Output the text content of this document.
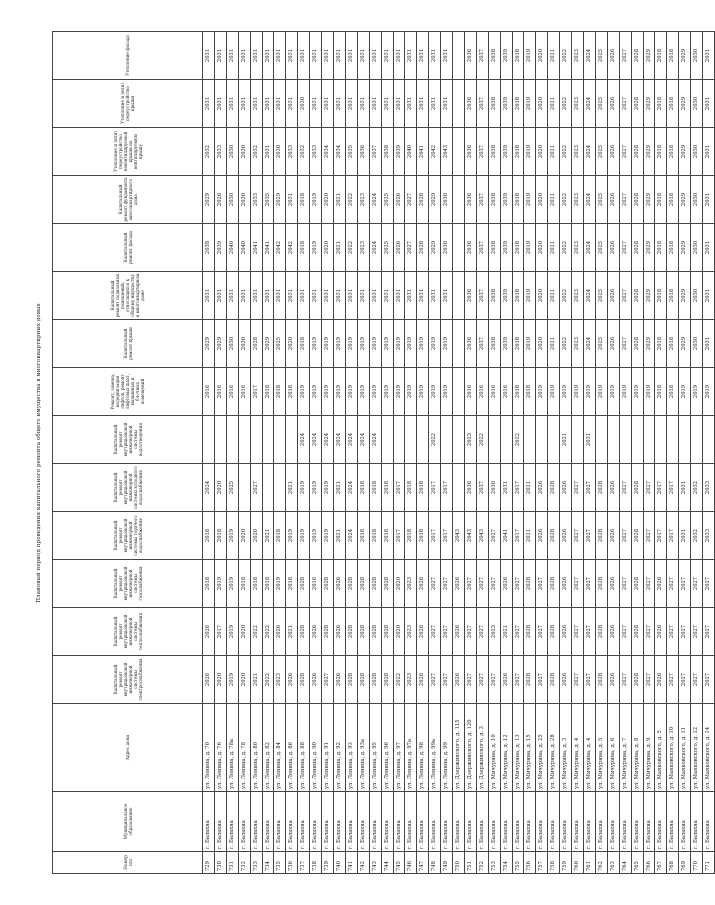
Плановый период проведения капитального ремонта общего имущества в многоквартирных домах
Номер п/п	Муниципальное образование	Адрес дома	Капитальный ремонт внутридомовой инженерной системы электроснабжения	Капитальный ремонт внутридомовой инженерной системы теплоснабжения	Капитальный ремонт внутридомовой инженерной системы газоснабжения	Капитальный ремонт внутридомовой инженерной системы горячего водоснабжения	Капитальный ремонт внутридомовой инженерной системы холодного водоснабжения	Капитальный ремонт внутридомовой инженерной системы водоотведения	Ремонт, замена, модернизация лифтов, ремонт лифтовых шахт, машинных и блочных помещений	Капитальный ремонт крыши	Капитальный ремонт подвальных помещений, относящихся к общему имуществу в многоквартирном доме	Капитальный ремонт фасада	Капитальный ремонт фундамента многоквартирного дома	Утепление и (или) переустройство невентилируемой крыши на вентилируемую крышу	Утепление и (или) переустройство крыши	Утепление фасада
729	г. Балахна	ул. Ленина, д. 70	2026	2026	2018	2018	2024		2016	2029	2031	2038	2029	2032	2031	2031
730	г. Балахна	ул. Ленина, д. 76	2020	2017	2019	2018	2020		2016	2029	2031	2039	2026	2033	2031	2031
731	г. Балахна	ул. Ленина, д. 78а	2019	2019	2019	2019	2025		2016	2030	2031	2040	2030	2030	2031	2031
732	г. Балахна	ул. Ленина, д. 78	2020	2020	2018	2020			2016	2030	2031	2040	2030	2030	2031	2031
733	г. Балахна	ул. Ленина, д. 80	2021	2022	2018	2020	2027		2017	2028	2031	2041	2033	2032	2031	2031
734	г. Балахна	ул. Ленина, д. 82	2022	2022	2018	2021			2018	2029	2031	2041	2035	2031	2031	2031
735	г. Балахна	ул. Ленина, д. 84	2023	2026	2019	2018			2018	2025	2031	2042	2029	2030	2031	2031
736	г. Балахна	ул. Ленина, д. 86	2026	2021	2018	2019	2021		2018	2020	2031	2042	2031	2033	2031	2031
737	г. Балахна	ул. Ленина, д. 88	2028	2028	2028	2019	2019	2024	2019	2018	2031	2018	2018	2032	2030	2031
738	г. Балахна	ул. Ленина, д. 90	2026	2026	2016	2019	2019	2024	2019	2019	2031	2019	2019	2033	2031	2031
739	г. Балахна	ул. Ленина, д. 91	2027	2028	2028	2019	2019	2024	2019	2019	2031	2020	2020	2034	2031	2031
740	г. Балахна	ул. Ленина, д. 92	2026	2026	2026	2021	2021	2024	2019	2019	2031	2021	2021	2034	2031	2031
741	г. Балахна	ул. Ленина, д. 93	2028	2028	2028	2024	2024	2024	2019	2019	2031	2022	2022	2035	2031	2031
742	г. Балахна	ул. Ленина, д. 93а	2028	2028	2028	2018	2018	2024	2019	2019	2031	2023	2023	2036	2031	2031
743	г. Балахна	ул. Ленина, д. 95	2028	2028	2028	2018	2018	2024	2019	2019	2031	2024	2024	2037	2031	2031
744	г. Балахна	ул. Ленина, д. 96	2028	2028	2028	2018	2018		2019	2019	2031	2025	2025	2038	2031	2031
745	г. Балахна	ул. Ленина, д. 97	2022	2020	2020	2017	2017		2019	2019	2031	2026	2026	2039	2031	2031
746	г. Балахна	ул. Ленина, д. 97а	2023	2023	2023	2018	2018		2019	2019	2031	2027	2027	2040	2031	2031
747	г. Балахна	ул. Ленина, д. 98	2026	2026	2026	2018	2018		2019	2019	2031	2028	2028	2041	2031	2031
748	г. Балахна	ул. Ленина, д. 99а	2027	2027	2027	2017	2017	2022	2019	2019	2031	2029	2029	2042	2031	2031
749	г. Балахна	ул. Ленина, д. 99	2027	2027	2027	2017	2017		2019	2019	2031	2030	2030	2043	2031	2031
750	г. Балахна	ул. Дзержинского, д. 115	2026	2026	2026	2043										
751	г. Балахна	ул. Дзержинского, д. 120	2027	2027	2027	2043	2036	2023	2016	2036	2036	2036	2036	2036	2036	2036
752	г. Балахна	ул. Дзержинского, д. 3	2027	2027	2027	2043	2037	2022	2016	2037	2037	2037	2037	2037	2037	2037
753	г. Балахна	ул. Мичурина, д. 10	2027	2023	2027	2027	2030		2016	2038	2038	2038	2038	2038	2038	2038
754	г. Балахна	ул. Мичурина, д. 12	2026	2021	2026	2041	2031		2016	2039	2039	2039	2039	2039	2039	2039
755	г. Балахна	ул. Мичурина, д. 13	2027	2027	2027	2017	2017	2022	2018	2018	2018	2018	2018	2018	2018	2018
756	г. Балахна	ул. Мичурина, д. 15	2028	2028	2028	2021	2021		2018	2019	2019	2019	2019	2019	2019	2019
757	г. Балахна	ул. Мичурина, д. 25	2027	2027	2027	2026	2026		2019	2020	2020	2020	2020	2020	2020	2020
758	г. Балахна	ул. Мичурина, д. 28	2028	2028	2028	2028	2028		2019	2021	2021	2021	2021	2021	2021	2021
759	г. Балахна	ул. Мичурина, д. 3	2026	2026	2026	2026	2026	2021	2019	2022	2022	2022	2022	2022	2022	2022
760	г. Балахна	ул. Мичурина, д. 4	2027	2027	2027	2027	2027		2019	2023	2023	2023	2023	2023	2023	2023
761	г. Балахна	ул. Мичурина, д. 4	2027	2027	2027	2027	2027	2031	2019	2024	2024	2024	2024	2024	2024	2024
762	г. Балахна	ул. Мичурина, д. 5	2028	2028	2028	2028	2028		2019	2025	2025	2025	2025	2025	2025	2025
763	г. Балахна	ул. Мичурина, д. 6	2026	2026	2026	2026	2026		2019	2026	2026	2026	2026	2026	2026	2026
764	г. Балахна	ул. Мичурина, д. 7	2027	2027	2027	2027	2027		2019	2027	2027	2027	2027	2027	2027	2027
765	г. Балахна	ул. Мичурина, д. 8	2028	2028	2028	2028	2028		2019	2028	2028	2028	2028	2028	2028	2028
766	г. Балахна	ул. Мичурина, д. 9	2027	2027	2027	2027	2027		2019	2029	2029	2029	2029	2029	2029	2029
767	г. Балахна	ул. Маяковского, д. 5	2026	2026	2026	2017	2017		2018	2018	2018	2018	2018	2018	2018	2018
768	г. Балахна	ул. Маяковского, д. 10	2027	2027	2027	2017	2017		2018	2018	2018	2018	2018	2018	2018	2018
769	г. Балахна	ул. Маяковского, д. 11	2027	2027	2027	2031	2031		2019	2029	2029	2029	2029	2029	2029	2029
770	г. Балахна	ул. Маяковского, д. 12	2027	2027	2027	2032	2032		2019	2030	2030	2030	2030	2030	2030	2030
771	г. Балахна	ул. Маяковского, д. 14	2027	2027	2027	2033	2033		2019	2031	2031	2031	2031	2031	2031	2031
